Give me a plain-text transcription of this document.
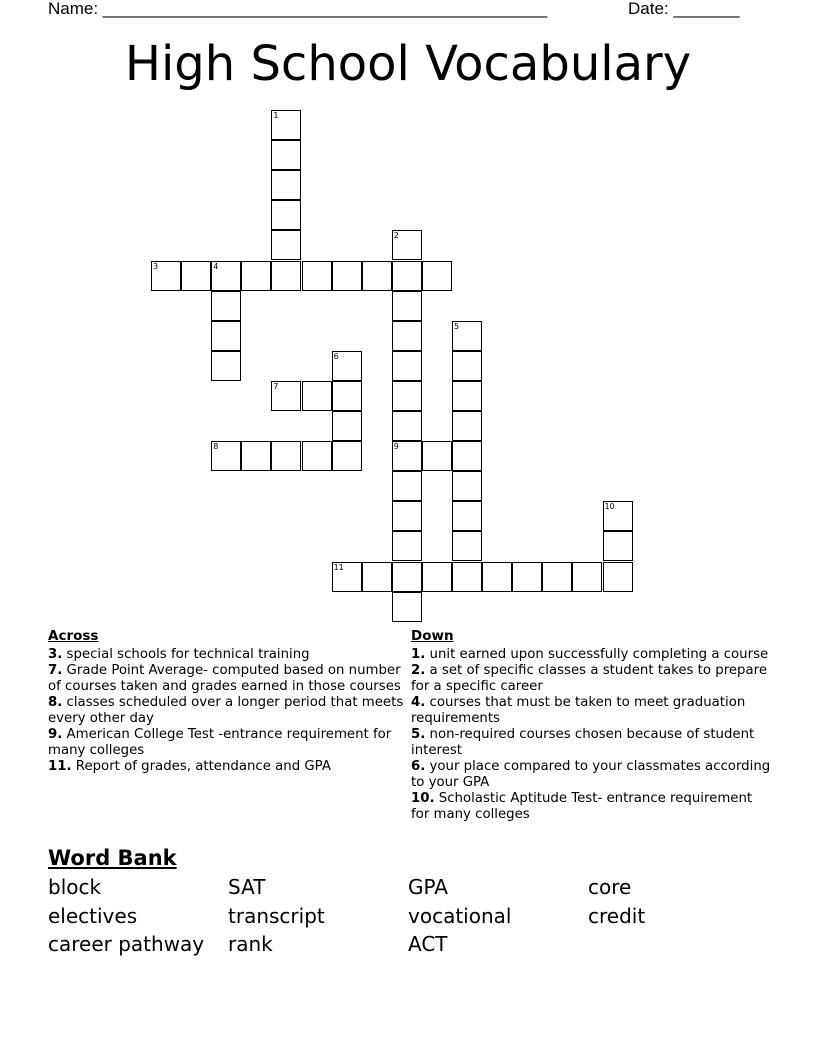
Name: _______________________________________________	Date: _______
High School Vocabulary
1
2
9
3	4
5
6
7
8
10
11
Across
3. special schools for technical training
7. Grade Point Average- computed based on number of courses taken and grades earned in those courses
8. classes scheduled over a longer period that meets every other day
9. American College Test -entrance requirement for many colleges
11. Report of grades, attendance and GPA
Down
1. unit earned upon successfully completing a course
2. a set of specific classes a student takes to prepare for a specific career
4. courses that must be taken to meet graduation requirements
5. non-required courses chosen because of student interest
6. your place compared to your classmates according to your GPA
10. Scholastic Aptitude Test- entrance requirement for many colleges
Word Bank
block	SAT	GPA	core
electives	transcript	vocational	credit
career pathway	rank	ACT
